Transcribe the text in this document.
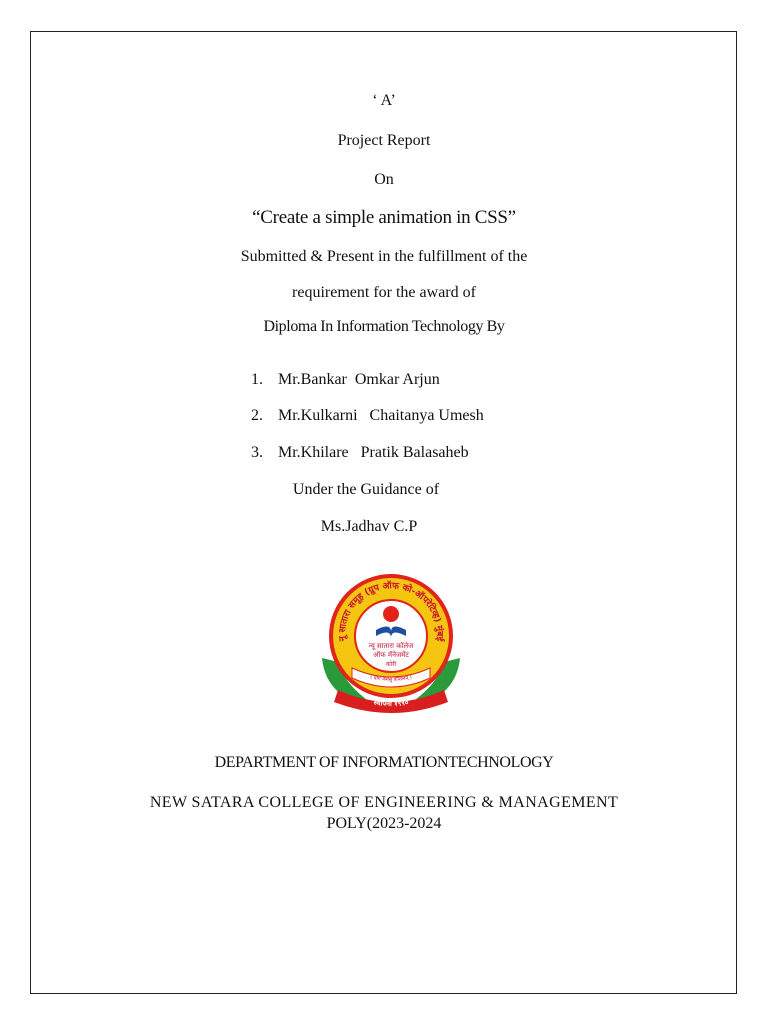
‘ A’
Project Report
On
“Create a simple animation in CSS”
Submitted & Present in the fulfillment of the
requirement for the award of
Diploma In Information Technology By
1. Mr.Bankar  Omkar Arjun
2. Mr.Kulkarni   Chaitanya Umesh
3. Mr.Khilare   Pratik Balasaheb
Under the Guidance of
Ms.Jadhav C.P
नू सातारा समूह (ग्रुप ऑफ को-ऑपरेटिव्ह) मुंबई
न्यू सातारा कॉलेज
ऑफ मॅनेजमेंट
कोरी
( योग कर्मसु कौशलम् )
स्थापना १९९०
DEPARTMENT OF INFORMATIONTECHNOLOGY
NEW SATARA COLLEGE OF ENGINEERING & MANAGEMENT
POLY(2023-2024
